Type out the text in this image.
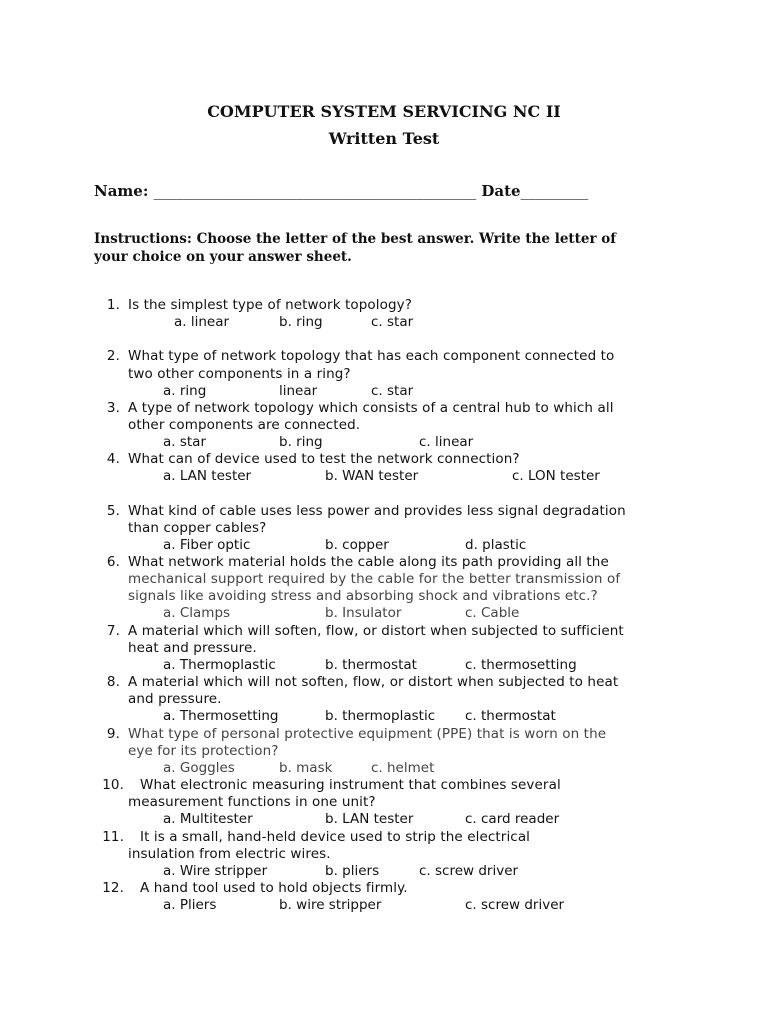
COMPUTER SYSTEM SERVICING NC II
Written Test
Name: ___________________________________________ Date_________
Instructions: Choose the letter of the best answer. Write the letter of
your choice on your answer sheet.
1. Is the simplest type of network topology?
a. linear	b. ring	c. star
2. What type of network topology that has each component connected to
two other components in a ring?
a. ring	linear	c. star
3. A type of network topology which consists of a central hub to which all
other components are connected.
a. star	b. ring	c. linear
4. What can of device used to test the network connection?
a. LAN tester	b. WAN tester	c. LON tester
5. What kind of cable uses less power and provides less signal degradation
than copper cables?
a. Fiber optic	b. copper	d. plastic
6. What network material holds the cable along its path providing all the
mechanical support required by the cable for the better transmission of
signals like avoiding stress and absorbing shock and vibrations etc.?
a. Clamps	b. Insulator	c. Cable
7. A material which will soften, flow, or distort when subjected to sufficient
heat and pressure.
a. Thermoplastic	b. thermostat	c. thermosetting
8. A material which will not soften, flow, or distort when subjected to heat
and pressure.
a. Thermosetting	b. thermoplastic c. thermostat
9. What type of personal protective equipment (PPE) that is worn on the
eye for its protection?
a. Goggles	b. mask	c. helmet
10. What electronic measuring instrument that combines several
measurement functions in one unit?
a. Multitester	b. LAN tester	c. card reader
11. It is a small, hand-held device used to strip the electrical
insulation from electric wires.
a. Wire stripper	b. pliers	c. screw driver
12. A hand tool used to hold objects firmly.
a. Pliers	b. wire stripper	c. screw driver
